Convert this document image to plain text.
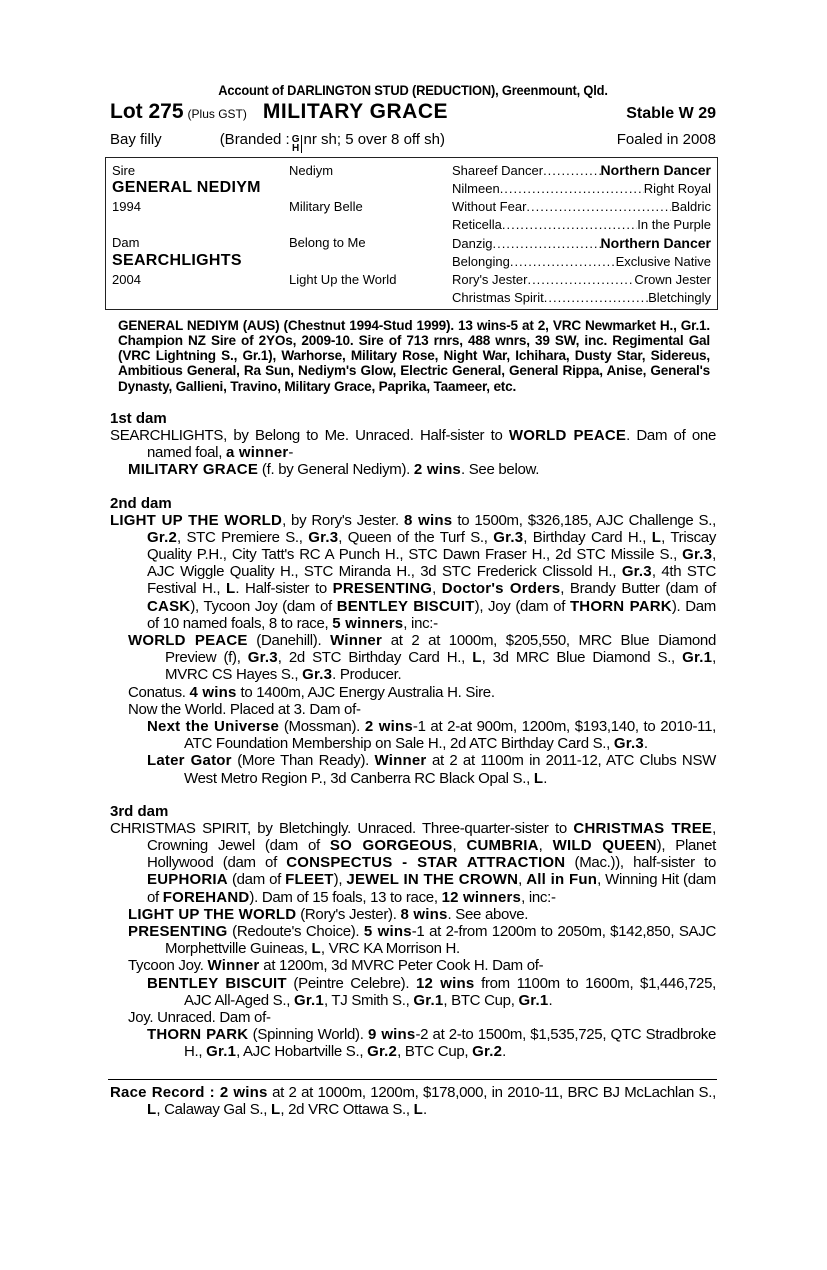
Account of DARLINGTON STUD (REDUCTION), Greenmount, Qld.
Lot 275 (Plus GST) MILITARY GRACE	Stable W 29
Bay filly	(Branded : G
H
nr sh; 5 over 8 off sh)	Foaled in 2008
Sire	Nediym	Shareef Dancer .....	Northern Dancer
GENERAL NEDIYM	Nilmeen .....	Right Royal
1994	Military Belle	Without Fear .....	Baldric
Reticella .....	In the Purple
Dam	Belong to Me	Danzig .....	Northern Dancer
SEARCHLIGHTS	Belonging .....	Exclusive Native
2004	Light Up the World	Rory's Jester .....	Crown Jester
Christmas Spirit .....	Bletchingly
GENERAL NEDIYM (AUS) (Chestnut 1994-Stud 1999). 13 wins-5 at 2, VRC Newmarket H., Gr.1. Champion NZ Sire of 2YOs, 2009-10. Sire of 713 rnrs, 488 wnrs, 39 SW, inc. Regimental Gal (VRC Lightning S., Gr.1), Warhorse, Military Rose, Night War, Ichihara, Dusty Star, Sidereus, Ambitious General, Ra Sun, Nediym's Glow, Electric General, General Rippa, Anise, General's Dynasty, Gallieni, Travino, Military Grace, Paprika, Taameer, etc.
1st dam
SEARCHLIGHTS, by Belong to Me. Unraced. Half-sister to WORLD PEACE. Dam of one named foal, a winner-
MILITARY GRACE (f. by General Nediym). 2 wins. See below.
2nd dam
LIGHT UP THE WORLD, by Rory's Jester. 8 wins to 1500m, $326,185, AJC Challenge S., Gr.2, STC Premiere S., Gr.3, Queen of the Turf S., Gr.3, Birthday Card H., L, Triscay Quality P.H., City Tatt's RC A Punch H., STC Dawn Fraser H., 2d STC Missile S., Gr.3, AJC Wiggle Quality H., STC Miranda H., 3d STC Frederick Clissold H., Gr.3, 4th STC Festival H., L. Half-sister to PRESENTING, Doctor's Orders, Brandy Butter (dam of CASK), Tycoon Joy (dam of BENTLEY BISCUIT), Joy (dam of THORN PARK). Dam of 10 named foals, 8 to race, 5 winners, inc:-
WORLD PEACE (Danehill). Winner at 2 at 1000m, $205,550, MRC Blue Diamond Preview (f), Gr.3, 2d STC Birthday Card H., L, 3d MRC Blue Diamond S., Gr.1, MVRC CS Hayes S., Gr.3. Producer.
Conatus. 4 wins to 1400m, AJC Energy Australia H. Sire.
Now the World. Placed at 3. Dam of-
Next the Universe (Mossman). 2 wins-1 at 2-at 900m, 1200m, $193,140, to 2010-11, ATC Foundation Membership on Sale H., 2d ATC Birthday Card S., Gr.3.
Later Gator (More Than Ready). Winner at 2 at 1100m in 2011-12, ATC Clubs NSW West Metro Region P., 3d Canberra RC Black Opal S., L.
3rd dam
CHRISTMAS SPIRIT, by Bletchingly. Unraced. Three-quarter-sister to CHRISTMAS TREE, Crowning Jewel (dam of SO GORGEOUS, CUMBRIA, WILD QUEEN), Planet Hollywood (dam of CONSPECTUS - STAR ATTRACTION (Mac.)), half-sister to EUPHORIA (dam of FLEET), JEWEL IN THE CROWN, All in Fun, Winning Hit (dam of FOREHAND). Dam of 15 foals, 13 to race, 12 winners, inc:-
LIGHT UP THE WORLD (Rory's Jester). 8 wins. See above.
PRESENTING (Redoute's Choice). 5 wins-1 at 2-from 1200m to 2050m, $142,850, SAJC Morphettville Guineas, L, VRC KA Morrison H.
Tycoon Joy. Winner at 1200m, 3d MVRC Peter Cook H. Dam of-
BENTLEY BISCUIT (Peintre Celebre). 12 wins from 1100m to 1600m, $1,446,725, AJC All-Aged S., Gr.1, TJ Smith S., Gr.1, BTC Cup, Gr.1.
Joy. Unraced. Dam of-
THORN PARK (Spinning World). 9 wins-2 at 2-to 1500m, $1,535,725, QTC Stradbroke H., Gr.1, AJC Hobartville S., Gr.2, BTC Cup, Gr.2.
Race Record : 2 wins at 2 at 1000m, 1200m, $178,000, in 2010-11, BRC BJ McLachlan S., L, Calaway Gal S., L, 2d VRC Ottawa S., L.
